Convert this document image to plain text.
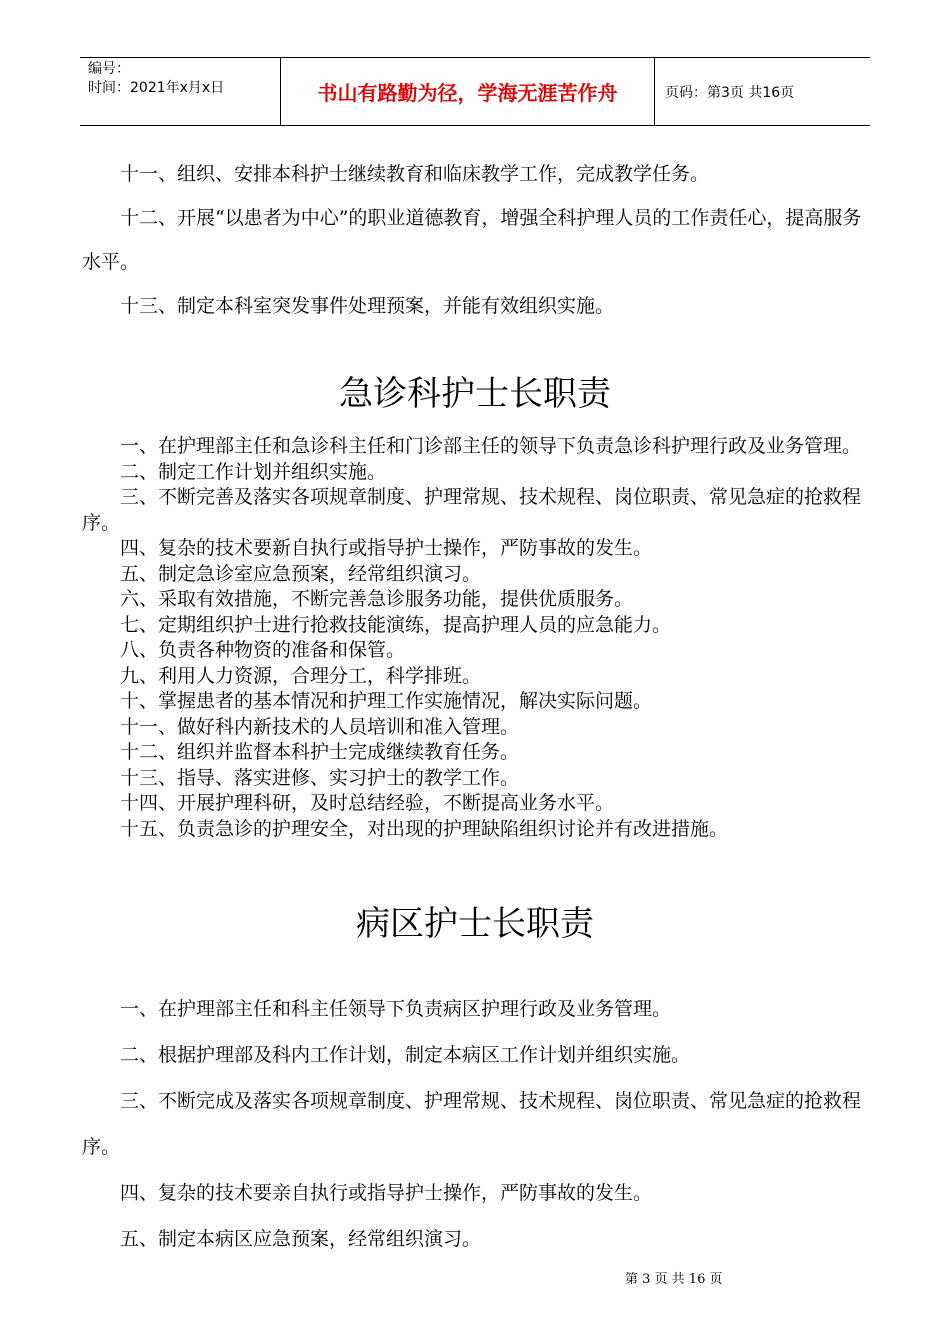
编号：
时间：2021年x月x日	书山有路勤为径，学海无涯苦作舟	页码：第3页 共16页

十一、组织、安排本科护士继续教育和临床教学工作，完成教学任务。

十二、开展“以患者为中心”的职业道德教育，增强全科护理人员的工作责任心，提高服务水平。

十三、制定本科室突发事件处理预案，并能有效组织实施。

急诊科护士长职责

一、在护理部主任和急诊科主任和门诊部主任的领导下负责急诊科护理行政及业务管理。

二、制定工作计划并组织实施。

三、不断完善及落实各项规章制度、护理常规、技术规程、岗位职责、常见急症的抢救程序。

四、复杂的技术要新自执行或指导护士操作，严防事故的发生。

五、制定急诊室应急预案，经常组织演习。

六、采取有效措施，不断完善急诊服务功能，提供优质服务。

七、定期组织护士进行抢救技能演练，提高护理人员的应急能力。

八、负责各种物资的准备和保管。

九、利用人力资源，合理分工，科学排班。

十、掌握患者的基本情况和护理工作实施情况，解决实际问题。

十一、做好科内新技术的人员培训和准入管理。

十二、组织并监督本科护士完成继续教育任务。

十三、指导、落实进修、实习护士的教学工作。

十四、开展护理科研，及时总结经验，不断提高业务水平。

十五、负责急诊的护理安全，对出现的护理缺陷组织讨论并有改进措施。

病区护士长职责

一、在护理部主任和科主任领导下负责病区护理行政及业务管理。

二、根据护理部及科内工作计划，制定本病区工作计划并组织实施。

三、不断完成及落实各项规章制度、护理常规、技术规程、岗位职责、常见急症的抢救程序。

四、复杂的技术要亲自执行或指导护士操作，严防事故的发生。

五、制定本病区应急预案，经常组织演习。

第 3 页 共 16 页
